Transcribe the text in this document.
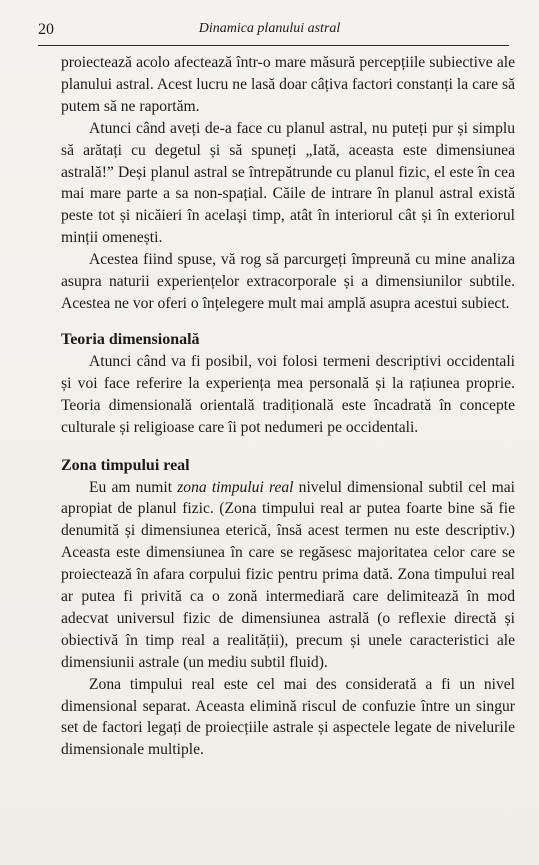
20	Dinamica planului astral

proiectează acolo afectează într-o mare măsură percepțiile subiective ale planului astral. Acest lucru ne lasă doar câțiva factori constanți la care să putem să ne raportăm.

Atunci când aveți de-a face cu planul astral, nu puteți pur și simplu să arătați cu degetul și să spuneți „Iată, aceasta este dimensiunea astrală!” Deși planul astral se întrepătrunde cu planul fizic, el este în cea mai mare parte a sa non-spațial. Căile de intrare în planul astral există peste tot și nicăieri în același timp, atât în interiorul cât și în exteriorul minții omenești.

Acestea fiind spuse, vă rog să parcurgeți împreună cu mine analiza asupra naturii experiențelor extracorporale și a dimensiunilor subtile. Acestea ne vor oferi o înțelegere mult mai amplă asupra acestui subiect.

Teoria dimensională

Atunci când va fi posibil, voi folosi termeni descriptivi occidentali și voi face referire la experiența mea personală și la rațiunea proprie. Teoria dimensională orientală tradițională este încadrată în concepte culturale și religioase care îi pot nedumeri pe occidentali.

Zona timpului real

Eu am numit zona timpului real nivelul dimensional subtil cel mai apropiat de planul fizic. (Zona timpului real ar putea foarte bine să fie denumită și dimensiunea eterică, însă acest termen nu este descriptiv.) Aceasta este dimensiunea în care se regăsesc majoritatea celor care se proiectează în afara corpului fizic pentru prima dată. Zona timpului real ar putea fi privită ca o zonă intermediară care delimitează în mod adecvat universul fizic de dimensiunea astrală (o reflexie directă și obiectivă în timp real a realității), precum și unele caracteristici ale dimensiunii astrale (un mediu subtil fluid).

Zona timpului real este cel mai des considerată a fi un nivel dimensional separat. Aceasta elimină riscul de confuzie între un singur set de factori legați de proiecțiile astrale și aspectele legate de nivelurile dimensionale multiple.
